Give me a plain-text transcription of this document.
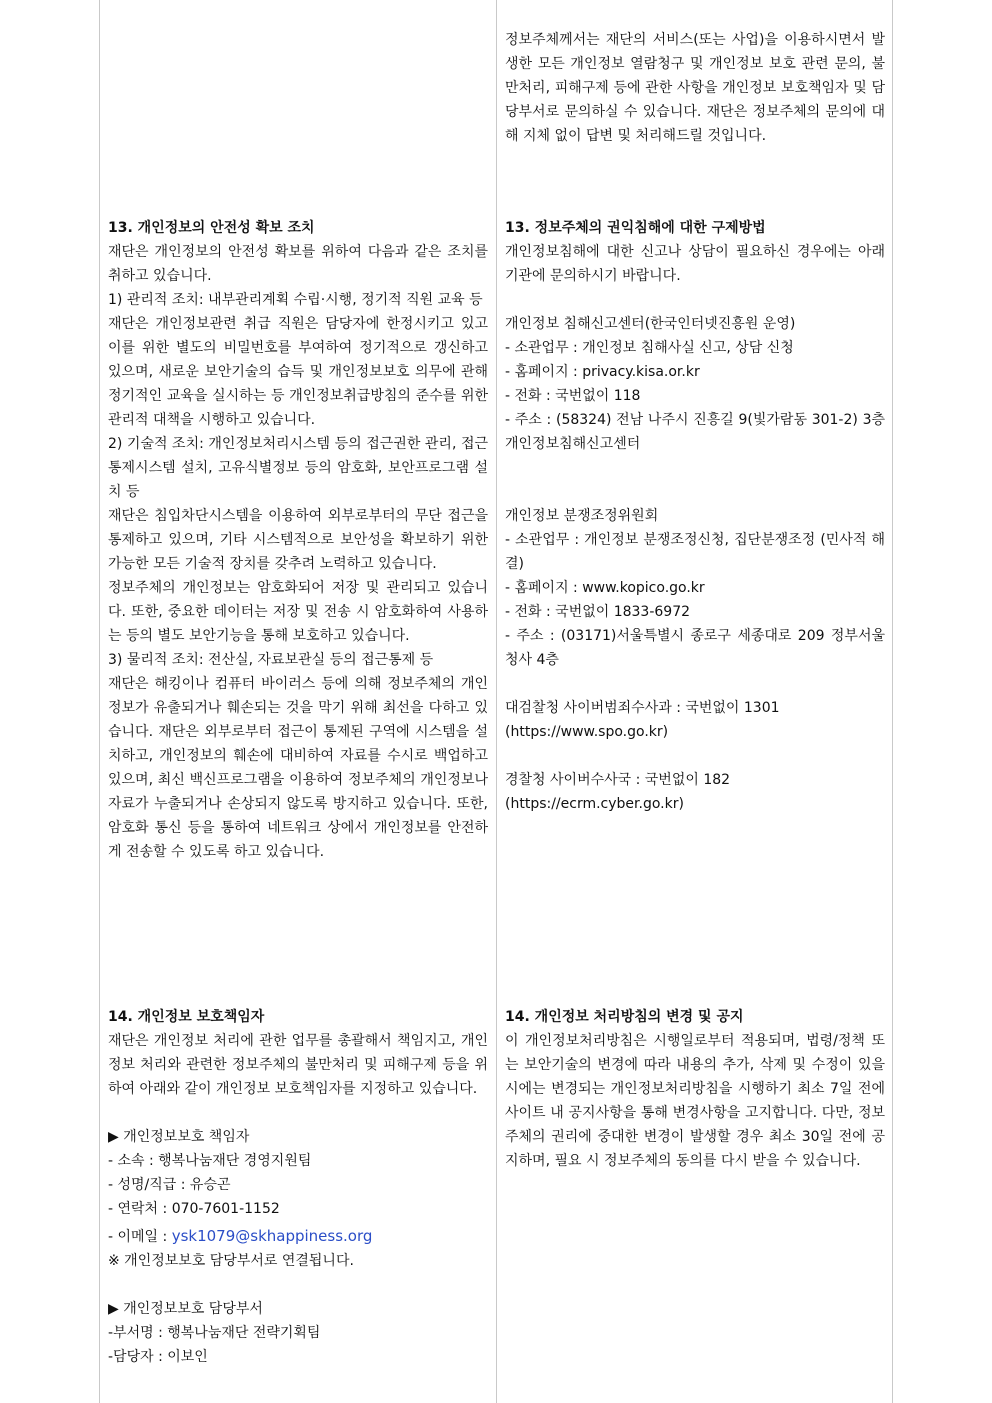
정보주체께서는 재단의 서비스(또는 사업)을 이용하시면서 발생한 모든 개인정보 열람청구 및 개인정보 보호 관련 문의, 불만처리, 피해구제 등에 관한 사항을 개인정보 보호책임자 및 담당부서로 문의하실 수 있습니다. 재단은 정보주체의 문의에 대해 지체 없이 답변 및 처리해드릴 것입니다.

13. 개인정보의 안전성 확보 조치

재단은 개인정보의 안전성 확보를 위하여 다음과 같은 조치를 취하고 있습니다.

1) 관리적 조치: 내부관리계획 수립·시행, 정기적 직원 교육 등

재단은 개인정보관련 취급 직원은 담당자에 한정시키고 있고 이를 위한 별도의 비밀번호를 부여하여 정기적으로 갱신하고 있으며, 새로운 보안기술의 습득 및 개인정보보호 의무에 관해 정기적인 교육을 실시하는 등 개인정보취급방침의 준수를 위한 관리적 대책을 시행하고 있습니다.

2) 기술적 조치: 개인정보처리시스템 등의 접근권한 관리, 접근통제시스템 설치, 고유식별정보 등의 암호화, 보안프로그램 설치 등

재단은 침입차단시스템을 이용하여 외부로부터의 무단 접근을 통제하고 있으며, 기타 시스템적으로 보안성을 확보하기 위한 가능한 모든 기술적 장치를 갖추려 노력하고 있습니다.

정보주체의 개인정보는 암호화되어 저장 및 관리되고 있습니다. 또한, 중요한 데이터는 저장 및 전송 시 암호화하여 사용하는 등의 별도 보안기능을 통해 보호하고 있습니다.

3) 물리적 조치: 전산실, 자료보관실 등의 접근통제 등

재단은 해킹이나 컴퓨터 바이러스 등에 의해 정보주체의 개인정보가 유출되거나 훼손되는 것을 막기 위해 최선을 다하고 있습니다. 재단은 외부로부터 접근이 통제된 구역에 시스템을 설치하고, 개인정보의 훼손에 대비하여 자료를 수시로 백업하고 있으며, 최신 백신프로그램을 이용하여 정보주체의 개인정보나 자료가 누출되거나 손상되지 않도록 방지하고 있습니다. 또한, 암호화 통신 등을 통하여 네트워크 상에서 개인정보를 안전하게 전송할 수 있도록 하고 있습니다.

13. 정보주체의 권익침해에 대한 구제방법

개인정보침해에 대한 신고나 상담이 필요하신 경우에는 아래 기관에 문의하시기 바랍니다.

개인정보 침해신고센터(한국인터넷진흥원 운영)

- 소관업무 : 개인정보 침해사실 신고, 상담 신청

- 홈페이지 : privacy.kisa.or.kr

- 전화 : 국번없이 118

- 주소 : (58324) 전남 나주시 진흥길 9(빛가람동 301-2) 3층 개인정보침해신고센터

개인정보 분쟁조정위원회

- 소관업무 : 개인정보 분쟁조정신청, 집단분쟁조정 (민사적 해결)

- 홈페이지 : www.kopico.go.kr

- 전화 : 국번없이 1833-6972

- 주소 : (03171)서울특별시 종로구 세종대로 209 정부서울청사 4층

대검찰청 사이버범죄수사과 : 국번없이 1301

(https://www.spo.go.kr)

경찰청 사이버수사국 : 국번없이 182

(https://ecrm.cyber.go.kr)

14. 개인정보 보호책임자

재단은 개인정보 처리에 관한 업무를 총괄해서 책임지고, 개인정보 처리와 관련한 정보주체의 불만처리 및 피해구제 등을 위하여 아래와 같이 개인정보 보호책임자를 지정하고 있습니다.

▶ 개인정보보호 책임자

- 소속 : 행복나눔재단 경영지원팀

- 성명/직급 : 유승곤

- 연락처 : 070-7601-1152

- 이메일 : ysk1079@skhappiness.org

※ 개인정보보호 담당부서로 연결됩니다.

▶ 개인정보보호 담당부서

-부서명 : 행복나눔재단 전략기획팀

-담당자 : 이보인

14. 개인정보 처리방침의 변경 및 공지

이 개인정보처리방침은 시행일로부터 적용되며, 법령/정책 또는 보안기술의 변경에 따라 내용의 추가, 삭제 및 수정이 있을 시에는 변경되는 개인정보처리방침을 시행하기 최소 7일 전에 사이트 내 공지사항을 통해 변경사항을 고지합니다. 다만, 정보주체의 권리에 중대한 변경이 발생할 경우 최소 30일 전에 공지하며, 필요 시 정보주체의 동의를 다시 받을 수 있습니다.
